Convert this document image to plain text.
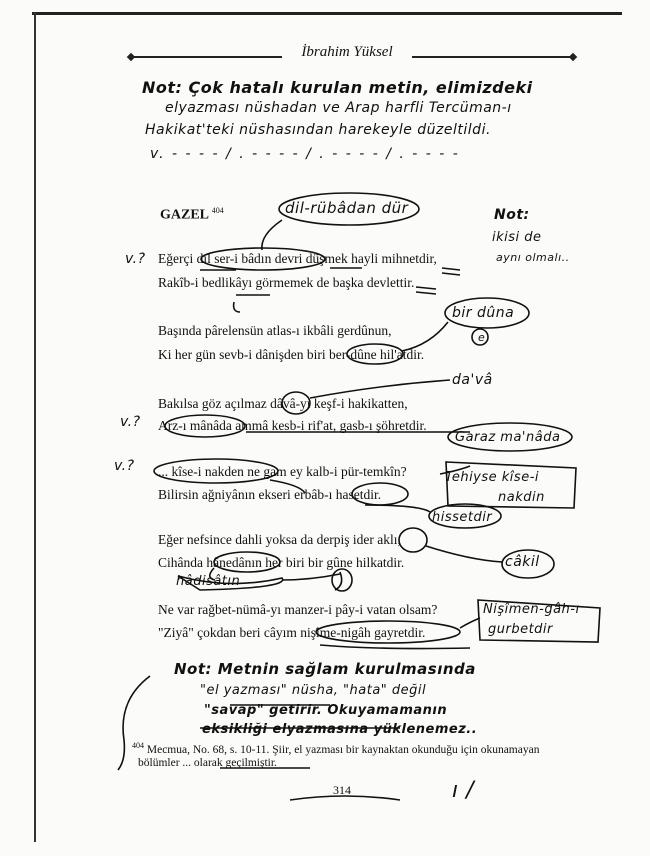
İbrahim Yüksel
Not: Çok hatalı kurulan metin, elimizdeki
elyazması nüshadan ve Arap harfli Tercüman-ı
Hakikat'teki nüshasından harekeyle düzeltildi.
v. - - - - / . - - - - / . - - - - / . - - - -
GAZEL $^{404}$
Eğerçi dil ser-i bâdın devri düşmek hayli mihnetdir,
Rakîb-i bedlikâyı görmemek de başka devlettir.
Başında pârelensün atlas-ı ikbâli gerdûnun,
Ki her gün sevb-i dânişden biri ber-dûne hil'atdir.
Bakılsa göz açılmaz dâvâ-yı keşf-i hakikatten,
Arz-ı mânâda ammâ kesb-i rif'at, gasb-ı şöhretdir.
... kîse-i nakden ne gam ey kalb-i pür-temkîn?
Bilirsin ağniyânın ekseri erbâb-ı hasetdir.
Eğer nefsince dahli yoksa da derpiş ider aklı,
Cihânda hânedânın her biri bir gûne hilkatdir.
Ne var rağbet-nümâ-yı manzer-i pây-i vatan olsam?
"Ziyâ" çokdan beri câyım nişîme-nigâh gayretdir.
dil-rübâdan dür	Not:
ikisi de
aynı olmalı..
v.?
bir dûna
e
da'vâ
v.?
Garaz ma'nâda
v.?
Tehiyse kîse-i
nakdin
hissetdir
câkil
hâdisâtın
Nişîmen-gâh-ı
gurbetdir
Not: Metnin sağlam kurulmasında
"el yazması" nüsha, "hata" değil
"savap" getirir. Okuyamamanın
eksikliği elyazmasına yüklenemez..
$^{404}$ Mecmua, No. 68, s. 10-11. Şiir, el yazması bir kaynaktan okunduğu için okunamayan
bölümler ... olarak geçilmiştir.
ı /
314
